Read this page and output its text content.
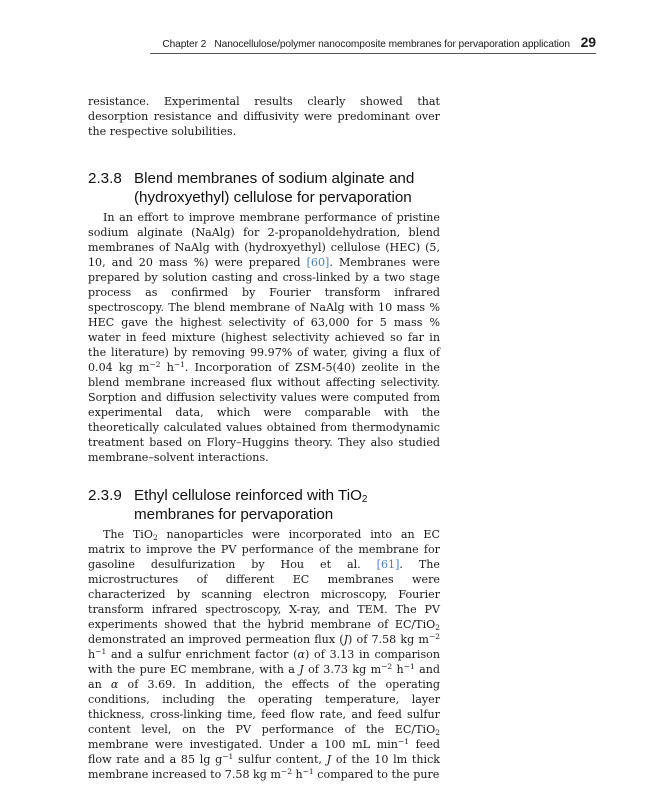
Chapter 2 Nanocellulose/polymer nanocomposite membranes for pervaporation application 29

resistance. Experimental results clearly showed that desorption resistance and diffusivity were predominant over the respective solubilities.

2.3.8 Blend membranes of sodium alginate and
(hydroxyethyl) cellulose for pervaporation

In an effort to improve membrane performance of pristine sodium alginate (NaAlg) for 2-propanoldehydration, blend membranes of NaAlg with (hydroxyethyl) cellulose (HEC) (5, 10, and 20 mass %) were prepared [60]. Membranes were prepared by solution casting and cross-linked by a two stage process as confirmed by Fourier transform infrared spectroscopy. The blend membrane of NaAlg with 10 mass % HEC gave the highest selectivity of 63,000 for 5 mass % water in feed mixture (highest selectivity achieved so far in the literature) by removing 99.97% of water, giving a flux of 0.04 kg $m^{-2}$ $h^{-1}$. Incorporation of ZSM-5(40) zeolite in the blend membrane increased flux without affecting selectivity. Sorption and diffusion selectivity values were computed from experimental data, which were comparable with the theoretically calculated values obtained from thermodynamic treatment based on Flory–Huggins theory. They also studied membrane–solvent interactions.

2.3.9 Ethyl cellulose reinforced with TiO$_2$
membranes for pervaporation

The TiO$_2$ nanoparticles were incorporated into an EC matrix to improve the PV performance of the membrane for gasoline desulfurization by Hou et al. [61]. The microstructures of different EC membranes were characterized by scanning electron microscopy, Fourier transform infrared spectroscopy, X-ray, and TEM. The PV experiments showed that the hybrid membrane of EC/TiO$_2$ demonstrated an improved permeation flux (J) of 7.58 kg $m^{-2}$ $h^{-1}$ and a sulfur enrichment factor (α) of 3.13 in comparison with the pure EC membrane, with a J of 3.73 kg $m^{-2}$ $h^{-1}$ and an α of 3.69. In addition, the effects of the operating conditions, including the operating temperature, layer thickness, cross-linking time, feed flow rate, and feed sulfur content level, on the PV performance of the EC/TiO$_2$ membrane were investigated. Under a 100 mL $\min^{-1}$ feed flow rate and a 85 $\lg g^{-1}$ sulfur content, J of the 10 lm thick membrane increased to 7.58 kg $m^{-2}$ $h^{-1}$ compared to the pure
